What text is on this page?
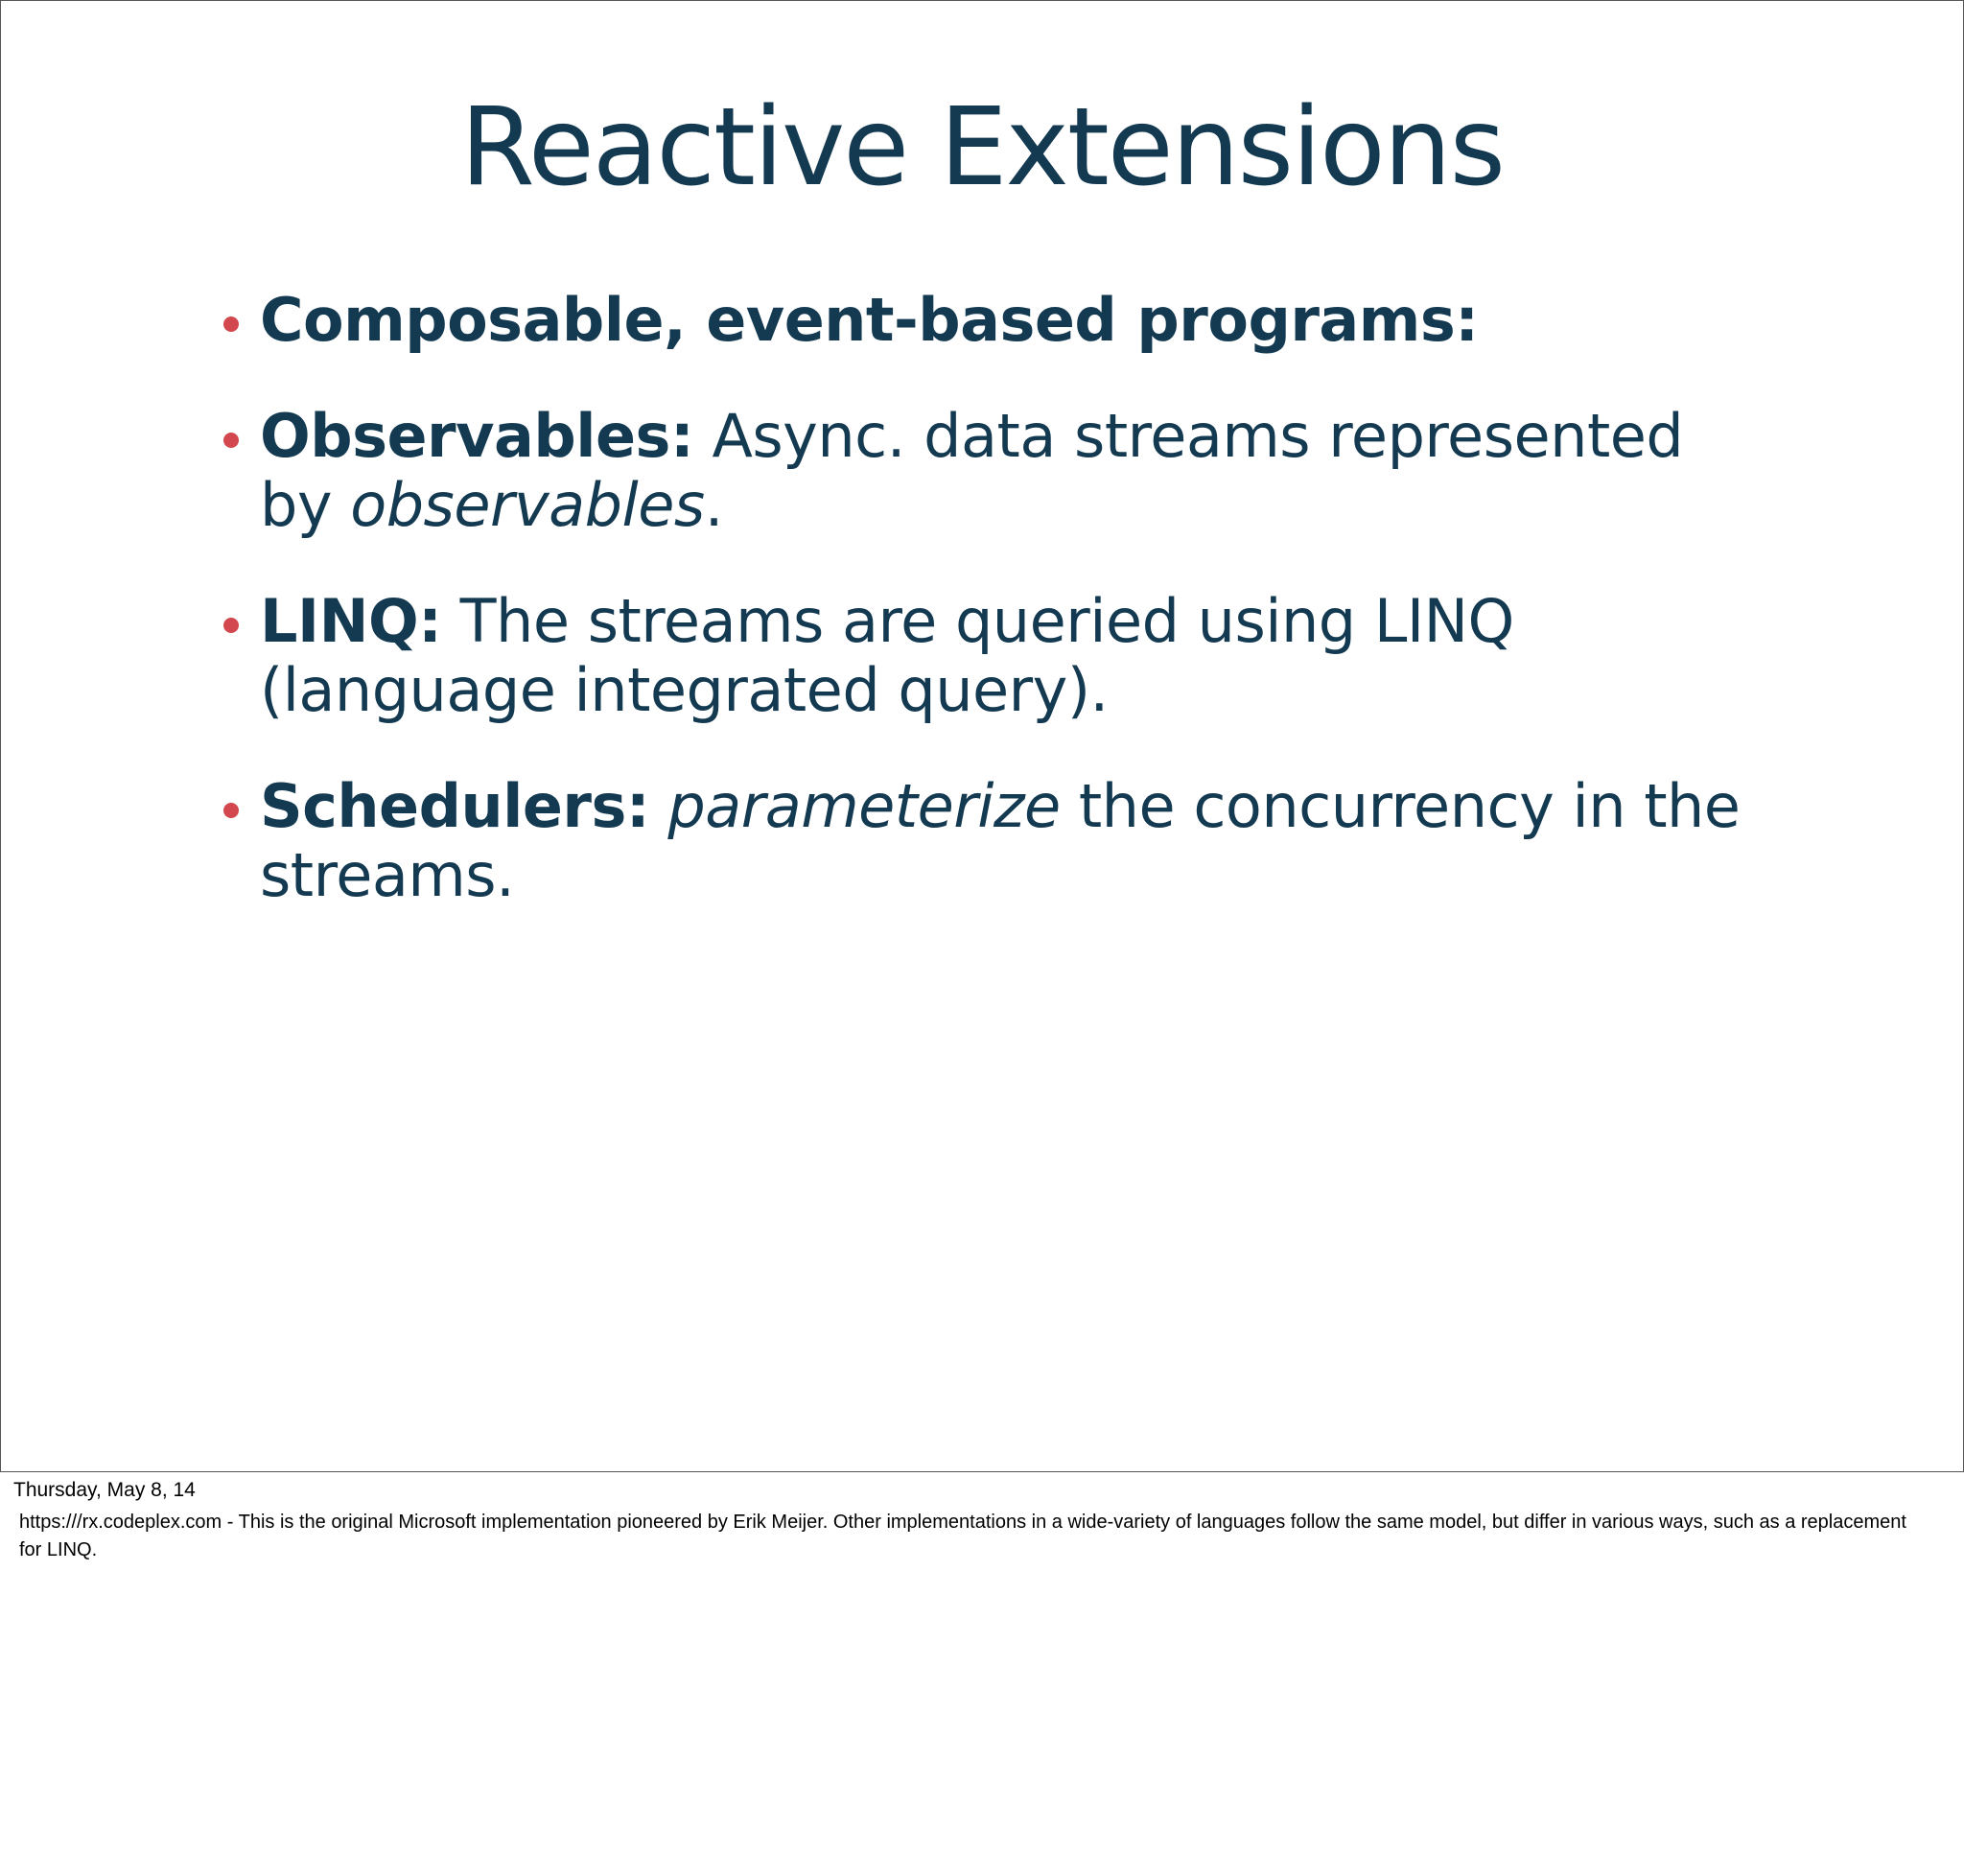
Reactive Extensions
Composable, event-based programs:
Observables: Async. data streams represented by observables.
LINQ: The streams are queried using LINQ (language integrated query).
Schedulers: parameterize the concurrency in the streams.

Thursday, May 8, 14

https:///rx.codeplex.com - This is the original Microsoft implementation pioneered by Erik Meijer. Other implementations in a wide-variety of languages follow the same model, but differ in various ways, such as a replacement for LINQ.
